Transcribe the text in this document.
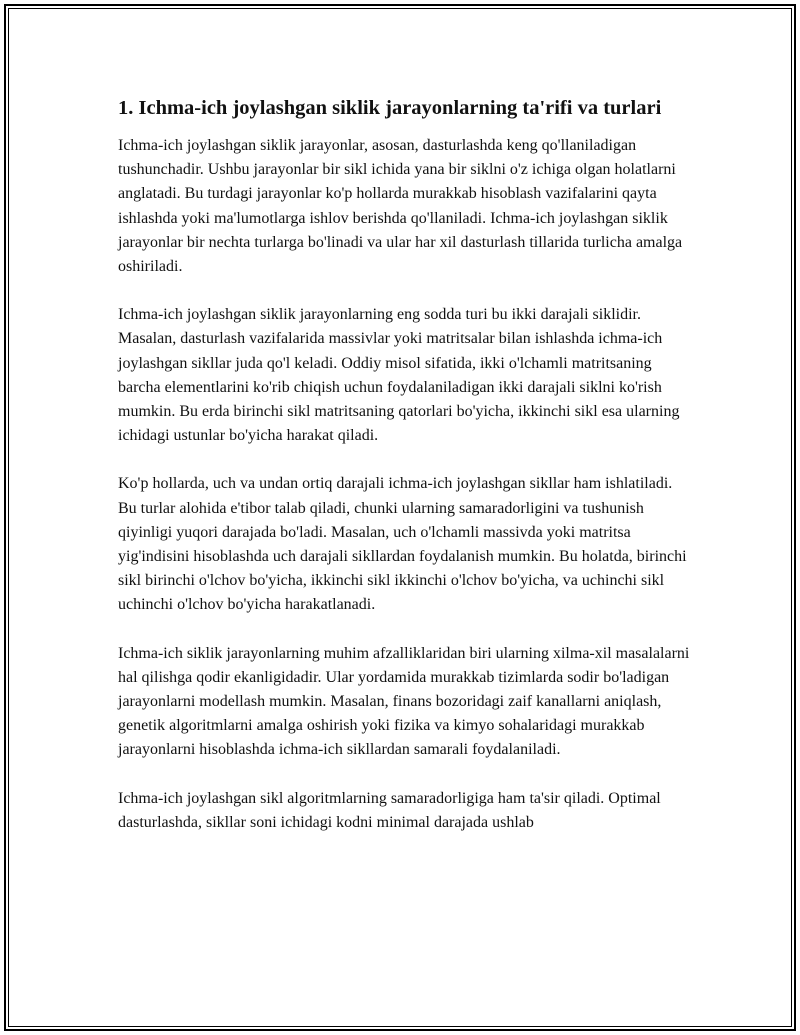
1. Ichma-ich joylashgan siklik jarayonlarning ta'rifi va turlari

Ichma-ich joylashgan siklik jarayonlar, asosan, dasturlashda keng qo'llaniladigan tushunchadir. Ushbu jarayonlar bir sikl ichida yana bir siklni o'z ichiga olgan holatlarni anglatadi. Bu turdagi jarayonlar ko'p hollarda murakkab hisoblash vazifalarini qayta ishlashda yoki ma'lumotlarga ishlov berishda qo'llaniladi. Ichma-ich joylashgan siklik jarayonlar bir nechta turlarga bo'linadi va ular har xil dasturlash tillarida turlicha amalga oshiriladi.

Ichma-ich joylashgan siklik jarayonlarning eng sodda turi bu ikki darajali siklidir. Masalan, dasturlash vazifalarida massivlar yoki matritsalar bilan ishlashda ichma-ich joylashgan sikllar juda qo'l keladi. Oddiy misol sifatida, ikki o'lchamli matritsaning barcha elementlarini ko'rib chiqish uchun foydalaniladigan ikki darajali siklni ko'rish mumkin. Bu erda birinchi sikl matritsaning qatorlari bo'yicha, ikkinchi sikl esa ularning ichidagi ustunlar bo'yicha harakat qiladi.

Ko'p hollarda, uch va undan ortiq darajali ichma-ich joylashgan sikllar ham ishlatiladi. Bu turlar alohida e'tibor talab qiladi, chunki ularning samaradorligini va tushunish qiyinligi yuqori darajada bo'ladi. Masalan, uch o'lchamli massivda yoki matritsa yig'indisini hisoblashda uch darajali sikllardan foydalanish mumkin. Bu holatda, birinchi sikl birinchi o'lchov bo'yicha, ikkinchi sikl ikkinchi o'lchov bo'yicha, va uchinchi sikl uchinchi o'lchov bo'yicha harakatlanadi.

Ichma-ich siklik jarayonlarning muhim afzalliklaridan biri ularning xilma-xil masalalarni hal qilishga qodir ekanligidadir. Ular yordamida murakkab tizimlarda sodir bo'ladigan jarayonlarni modellash mumkin. Masalan, finans bozoridagi zaif kanallarni aniqlash, genetik algoritmlarni amalga oshirish yoki fizika va kimyo sohalaridagi murakkab jarayonlarni hisoblashda ichma-ich sikllardan samarali foydalaniladi.

Ichma-ich joylashgan sikl algoritmlarning samaradorligiga ham ta'sir qiladi. Optimal dasturlashda, sikllar soni ichidagi kodni minimal darajada ushlab
